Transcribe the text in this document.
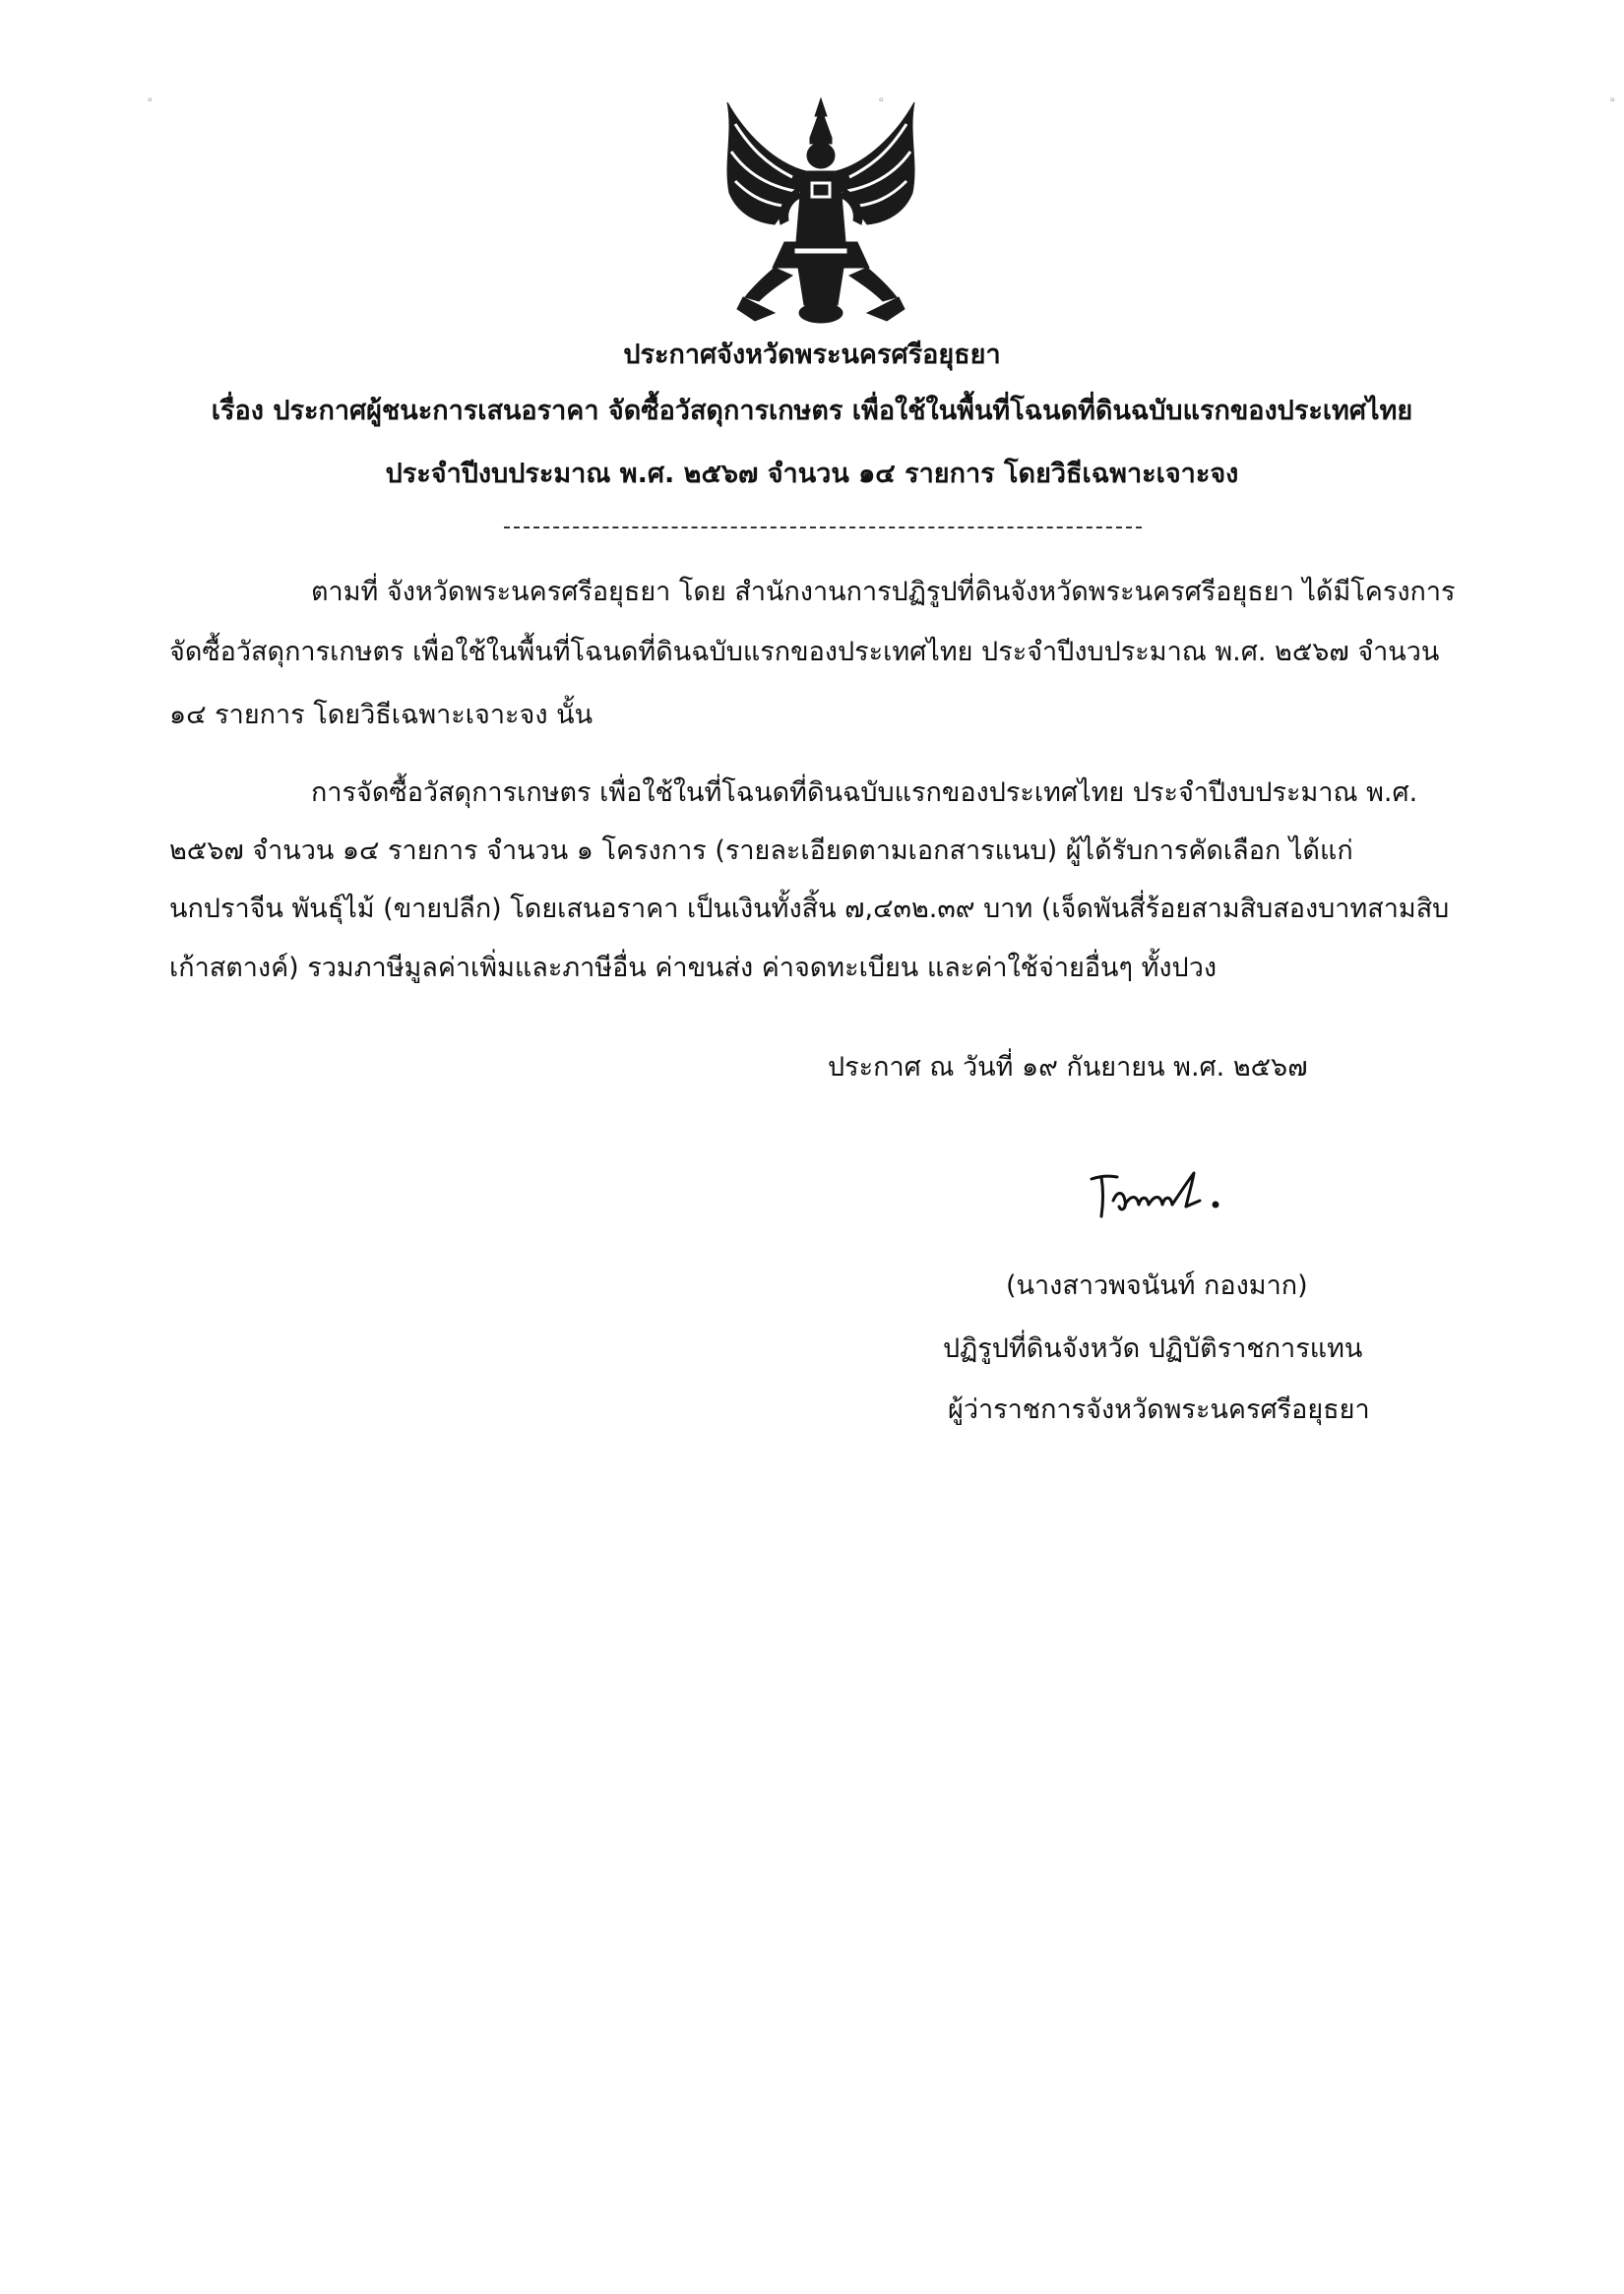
ᵒ	ᵒ	ᵒ
ประกาศจังหวัดพระนครศรีอยุธยา
เรื่อง ประกาศผู้ชนะการเสนอราคา จัดซื้อวัสดุการเกษตร เพื่อใช้ในพื้นที่โฉนดที่ดินฉบับแรกของประเทศไทย
ประจำปีงบประมาณ พ.ศ. ๒๕๖๗ จำนวน ๑๔ รายการ โดยวิธีเฉพาะเจาะจง
ตามที่ จังหวัดพระนครศรีอยุธยา โดย สำนักงานการปฏิรูปที่ดินจังหวัดพระนครศรีอยุธยา ได้มีโครงการ
จัดซื้อวัสดุการเกษตร เพื่อใช้ในพื้นที่โฉนดที่ดินฉบับแรกของประเทศไทย ประจำปีงบประมาณ พ.ศ. ๒๕๖๗ จำนวน
๑๔ รายการ โดยวิธีเฉพาะเจาะจง นั้น
การจัดซื้อวัสดุการเกษตร เพื่อใช้ในที่โฉนดที่ดินฉบับแรกของประเทศไทย ประจำปีงบประมาณ พ.ศ.
๒๕๖๗ จำนวน ๑๔ รายการ จำนวน ๑ โครงการ (รายละเอียดตามเอกสารแนบ) ผู้ได้รับการคัดเลือก ได้แก่
นกปราจีน พันธุ์ไม้ (ขายปลีก) โดยเสนอราคา เป็นเงินทั้งสิ้น ๗,๔๓๒.๓๙ บาท (เจ็ดพันสี่ร้อยสามสิบสองบาทสามสิบ
เก้าสตางค์) รวมภาษีมูลค่าเพิ่มและภาษีอื่น ค่าขนส่ง ค่าจดทะเบียน และค่าใช้จ่ายอื่นๆ ทั้งปวง
ประกาศ ณ วันที่ ๑๙ กันยายน พ.ศ. ๒๕๖๗
(นางสาวพจนันท์ กองมาก)
ปฏิรูปที่ดินจังหวัด ปฏิบัติราชการแทน
ผู้ว่าราชการจังหวัดพระนครศรีอยุธยา
